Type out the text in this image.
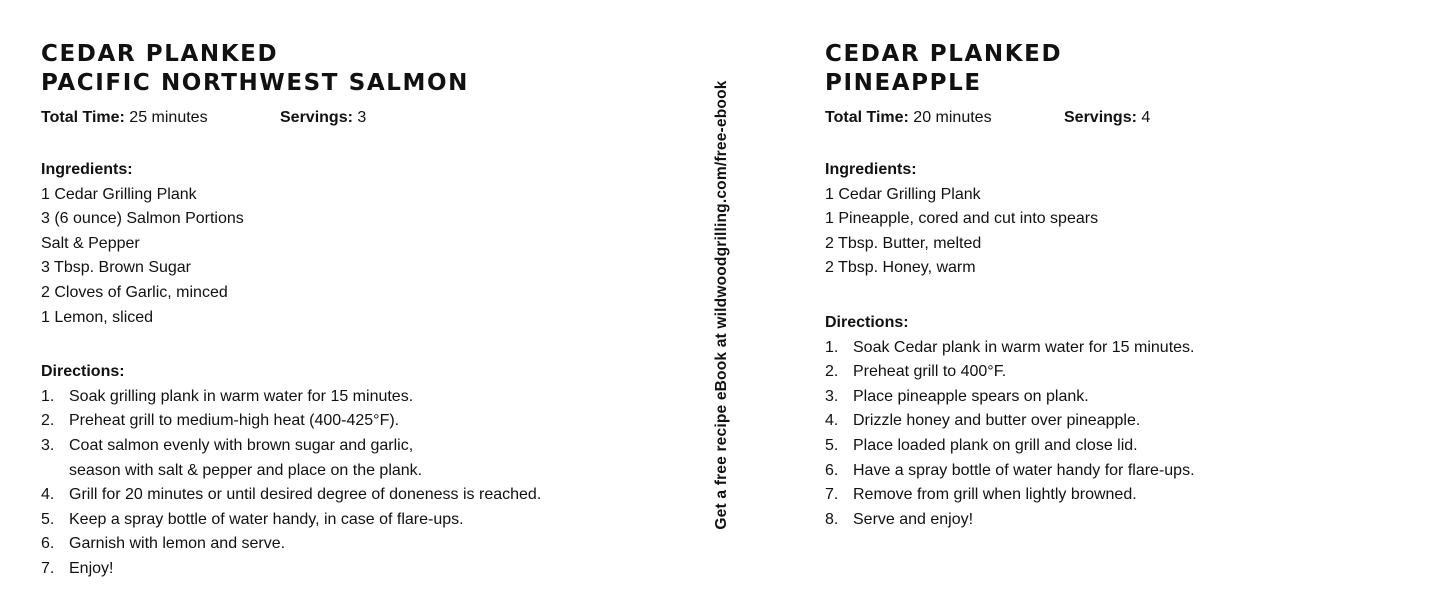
CEDAR PLANKED
PACIFIC NORTHWEST SALMON
Total Time: 25 minutes	Servings: 3
Ingredients:
1 Cedar Grilling Plank
3 (6 ounce) Salmon Portions
Salt & Pepper
3 Tbsp. Brown Sugar
2 Cloves of Garlic, minced
1 Lemon, sliced
Directions:
1. Soak grilling plank in warm water for 15 minutes.
2. Preheat grill to medium-high heat (400-425°F).
3. Coat salmon evenly with brown sugar and garlic,
season with salt & pepper and place on the plank.
4. Grill for 20 minutes or until desired degree of doneness is reached.
5. Keep a spray bottle of water handy, in case of flare-ups.
6. Garnish with lemon and serve.
7. Enjoy!
Get a free recipe eBook at wildwoodgrilling.com/free-ebook
CEDAR PLANKED
PINEAPPLE
Total Time: 20 minutes	Servings: 4
Ingredients:
1 Cedar Grilling Plank
1 Pineapple, cored and cut into spears
2 Tbsp. Butter, melted
2 Tbsp. Honey, warm
Directions:
1. Soak Cedar plank in warm water for 15 minutes.
2. Preheat grill to 400°F.
3. Place pineapple spears on plank.
4. Drizzle honey and butter over pineapple.
5. Place loaded plank on grill and close lid.
6. Have a spray bottle of water handy for flare-ups.
7. Remove from grill when lightly browned.
8. Serve and enjoy!
